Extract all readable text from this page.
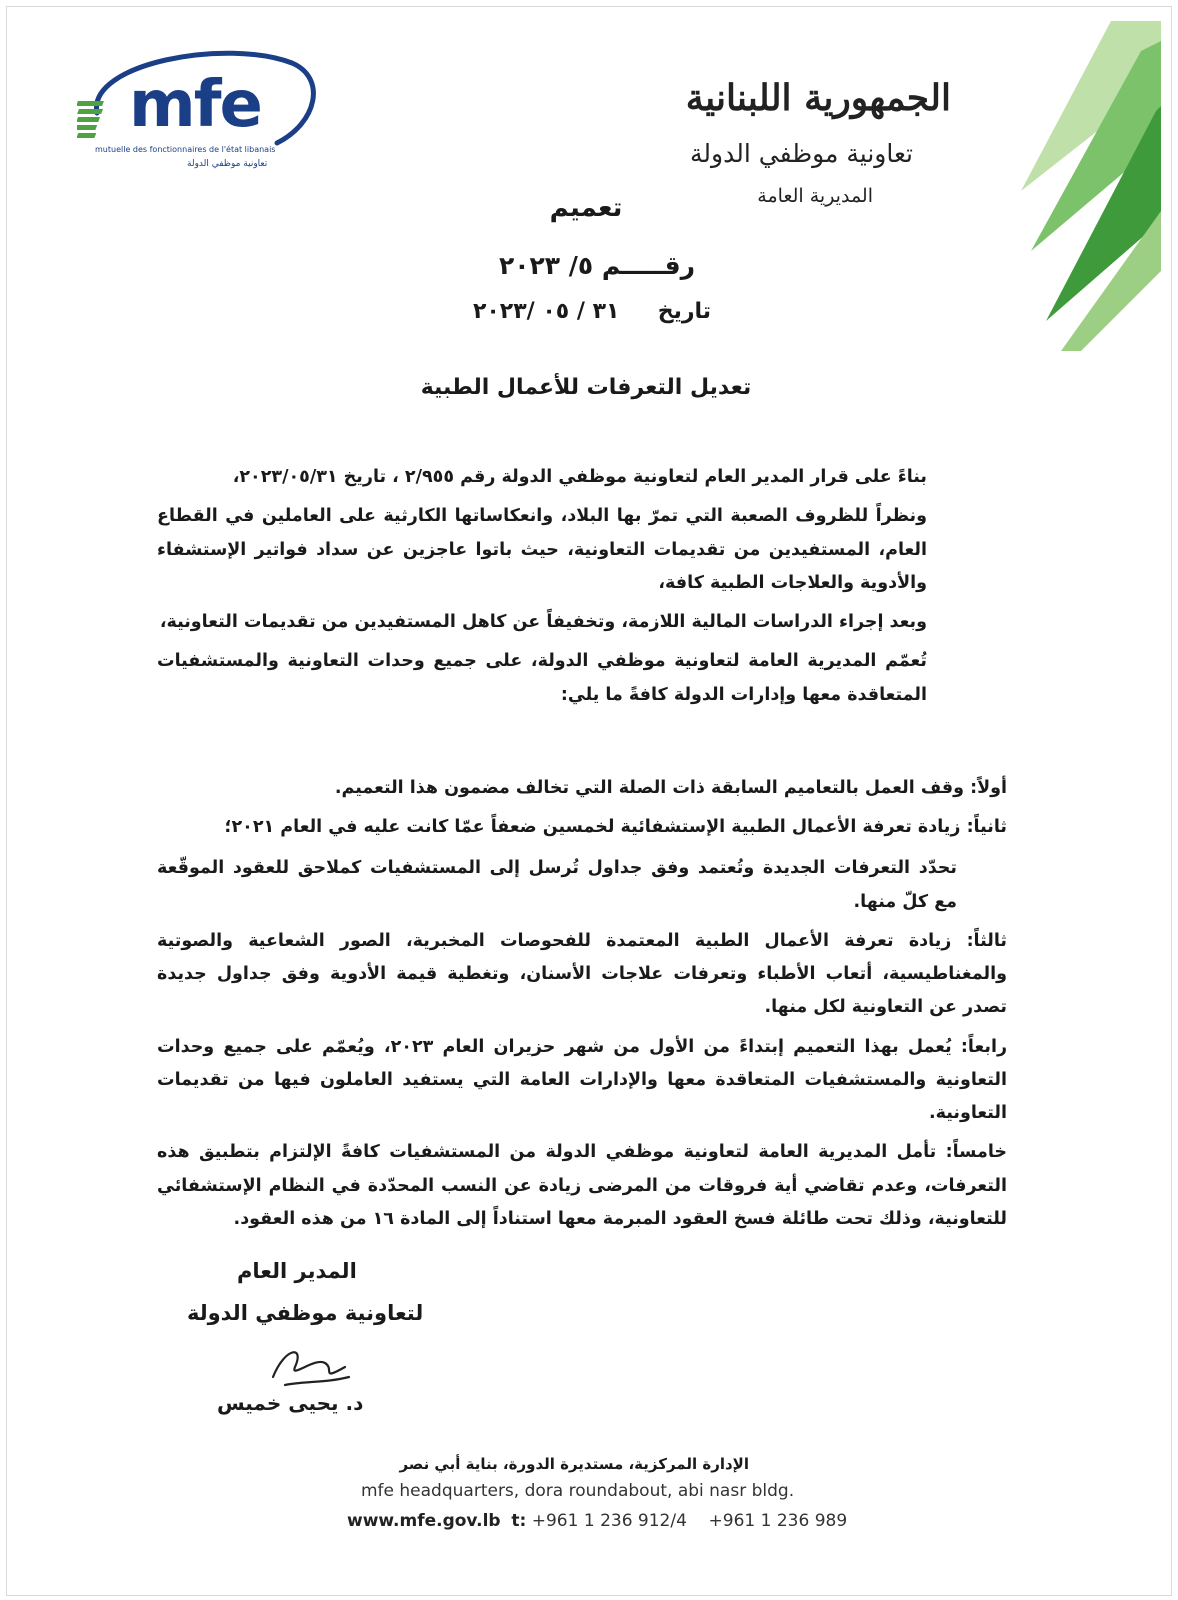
mfe
mutuelle des fonctionnaires de l'état libanais
تعاونية موظفي الدولة
الجمهورية اللبنانية
تعاونية موظفي الدولة
المديرية العامة
تعميم
رقـــــم ٥/ ٢٠٢٣
تاريخ     ٣١ / ٠٥ /٢٠٢٣
تعديل التعرفات للأعمال الطبية

بناءً على قرار المدير العام لتعاونية موظفي الدولة رقم ٢/٩٥٥ ، تاريخ ٢٠٢٣/٠٥/٣١،

ونظراً للظروف الصعبة التي تمرّ بها البلاد، وانعكاساتها الكارثية على العاملين في القطاع العام، المستفيدين من تقديمات التعاونية، حيث باتوا عاجزين عن سداد فواتير الإستشفاء والأدوية والعلاجات الطبية كافة،

وبعد إجراء الدراسات المالية اللازمة، وتخفيفاً عن كاهل المستفيدين من تقديمات التعاونية،

تُعمّم المديرية العامة لتعاونية موظفي الدولة، على جميع وحدات التعاونية والمستشفيات المتعاقدة معها وإدارات الدولة كافةً ما يلي:

أولاً: وقف العمل بالتعاميم السابقة ذات الصلة التي تخالف مضمون هذا التعميم.
ثانياً: زيادة تعرفة الأعمال الطبية الإستشفائية لخمسين ضعفاً عمّا كانت عليه في العام ٢٠٢١؛
تحدّد التعرفات الجديدة وتُعتمد وفق جداول تُرسل إلى المستشفيات كملاحق للعقود الموقّعة مع كلّ منها.
ثالثاً: زيادة تعرفة الأعمال الطبية المعتمدة للفحوصات المخبرية، الصور الشعاعية والصوتية والمغناطيسية، أتعاب الأطباء وتعرفات علاجات الأسنان، وتغطية قيمة الأدوية وفق جداول جديدة تصدر عن التعاونية لكل منها.
رابعاً: يُعمل بهذا التعميم إبتداءً من الأول من شهر حزيران العام ٢٠٢٣، ويُعمّم على جميع وحدات التعاونية والمستشفيات المتعاقدة معها والإدارات العامة التي يستفيد العاملون فيها من تقديمات التعاونية.
خامساً: تأمل المديرية العامة لتعاونية موظفي الدولة من المستشفيات كافةً الإلتزام بتطبيق هذه التعرفات، وعدم تقاضي أية فروقات من المرضى زيادة عن النسب المحدّدة في النظام الإستشفائي للتعاونية، وذلك تحت طائلة فسخ العقود المبرمة معها استناداً إلى المادة ١٦ من هذه العقود.
المدير العام
لتعاونية موظفي الدولة
د. يحيى خميس
الإدارة المركزية، مستديرة الدورة، بناية أبي نصر
mfe headquarters, dora roundabout, abi nasr bldg.
www.mfe.gov.lb t: +961 1 236 912/4 +961 1 236 989
